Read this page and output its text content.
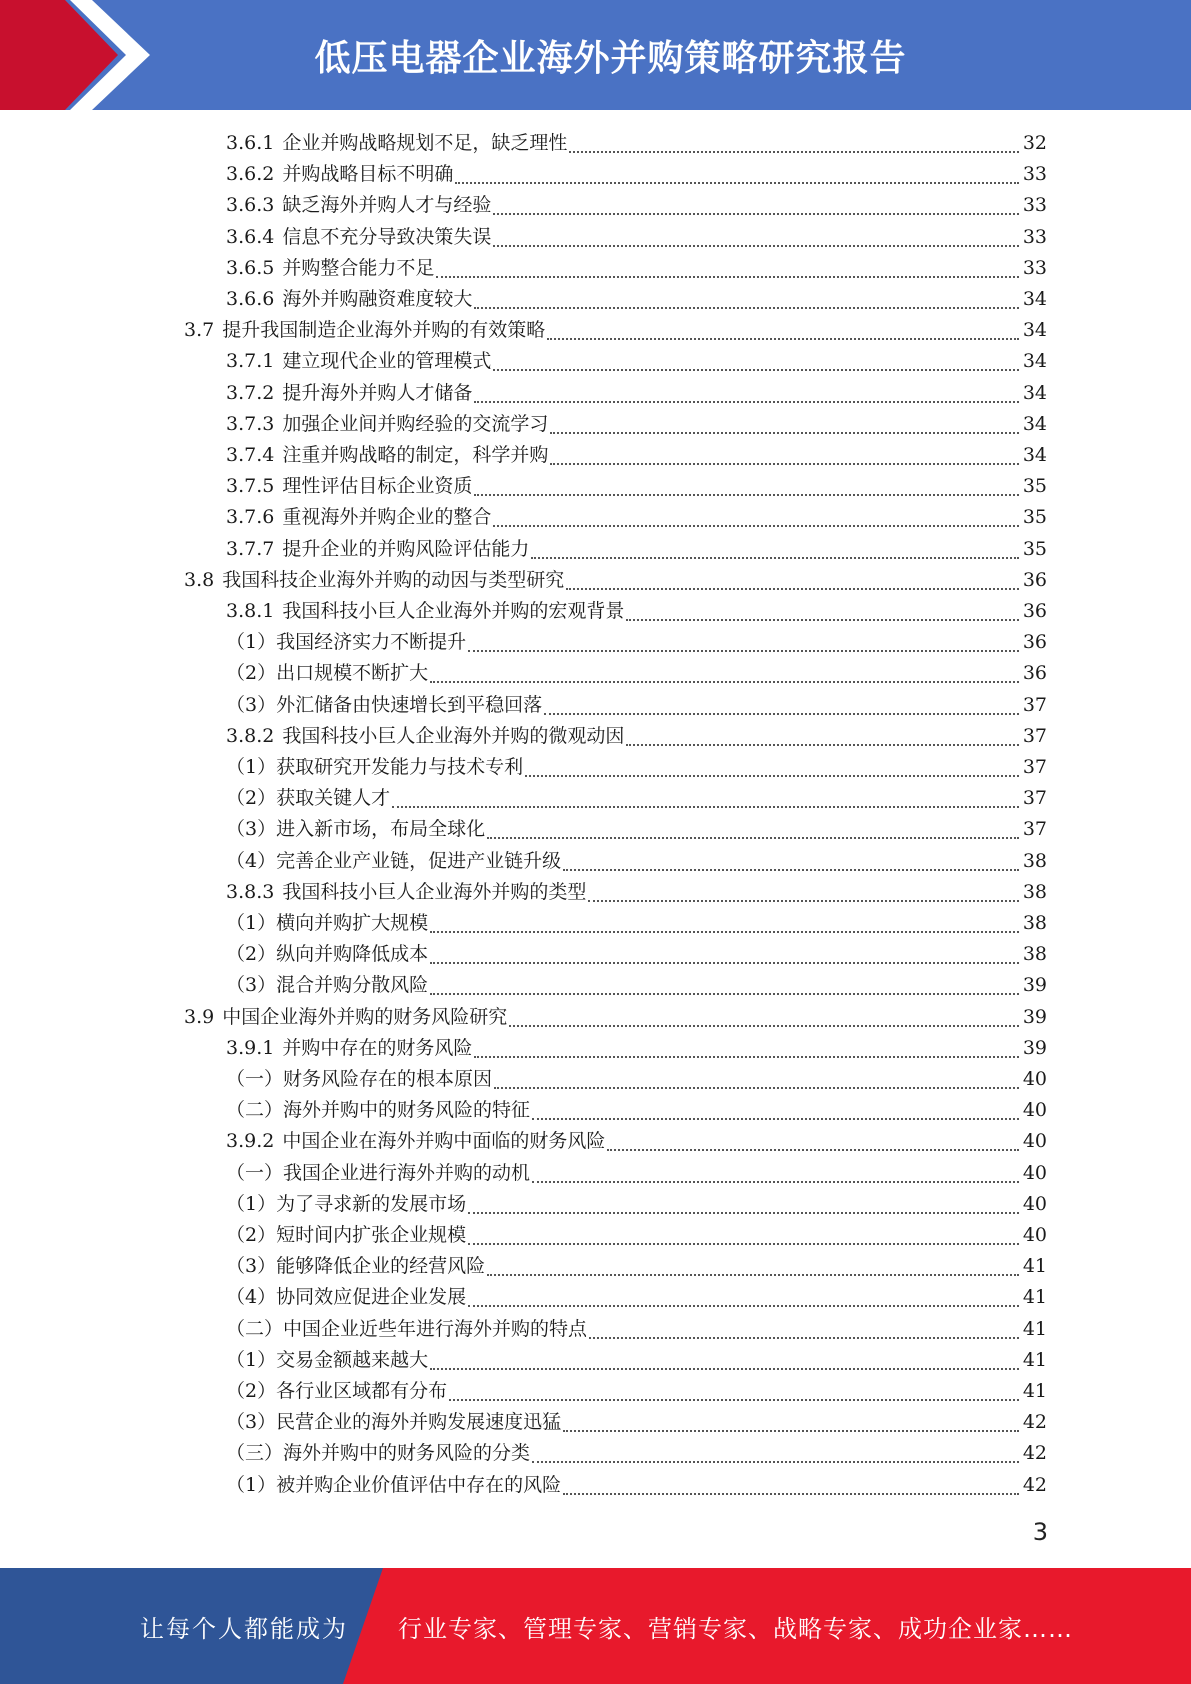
低压电器企业海外并购策略研究报告
3.6.1 企业并购战略规划不足，缺乏理性	32
3.6.2 并购战略目标不明确	33
3.6.3 缺乏海外并购人才与经验	33
3.6.4 信息不充分导致决策失误	33
3.6.5 并购整合能力不足	33
3.6.6 海外并购融资难度较大	34
3.7 提升我国制造企业海外并购的有效策略	34
3.7.1 建立现代企业的管理模式	34
3.7.2 提升海外并购人才储备	34
3.7.3 加强企业间并购经验的交流学习	34
3.7.4 注重并购战略的制定，科学并购	34
3.7.5 理性评估目标企业资质	35
3.7.6 重视海外并购企业的整合	35
3.7.7 提升企业的并购风险评估能力	35
3.8 我国科技企业海外并购的动因与类型研究	36
3.8.1 我国科技小巨人企业海外并购的宏观背景	36
（1）我国经济实力不断提升	36
（2）出口规模不断扩大	36
（3）外汇储备由快速增长到平稳回落	37
3.8.2 我国科技小巨人企业海外并购的微观动因	37
（1）获取研究开发能力与技术专利	37
（2）获取关键人才	37
（3）进入新市场，布局全球化	37
（4）完善企业产业链，促进产业链升级	38
3.8.3 我国科技小巨人企业海外并购的类型	38
（1）横向并购扩大规模	38
（2）纵向并购降低成本	38
（3）混合并购分散风险	39
3.9 中国企业海外并购的财务风险研究	39
3.9.1 并购中存在的财务风险	39
（一）财务风险存在的根本原因	40
（二）海外并购中的财务风险的特征	40
3.9.2 中国企业在海外并购中面临的财务风险	40
（一）我国企业进行海外并购的动机	40
（1）为了寻求新的发展市场	40
（2）短时间内扩张企业规模	40
（3）能够降低企业的经营风险	41
（4）协同效应促进企业发展	41
（二）中国企业近些年进行海外并购的特点	41
（1）交易金额越来越大	41
（2）各行业区域都有分布	41
（3）民营企业的海外并购发展速度迅猛	42
（三）海外并购中的财务风险的分类	42
（1）被并购企业价值评估中存在的风险	42
3
让每个人都能成为 行业专家、管理专家、营销专家、战略专家、成功企业家……
